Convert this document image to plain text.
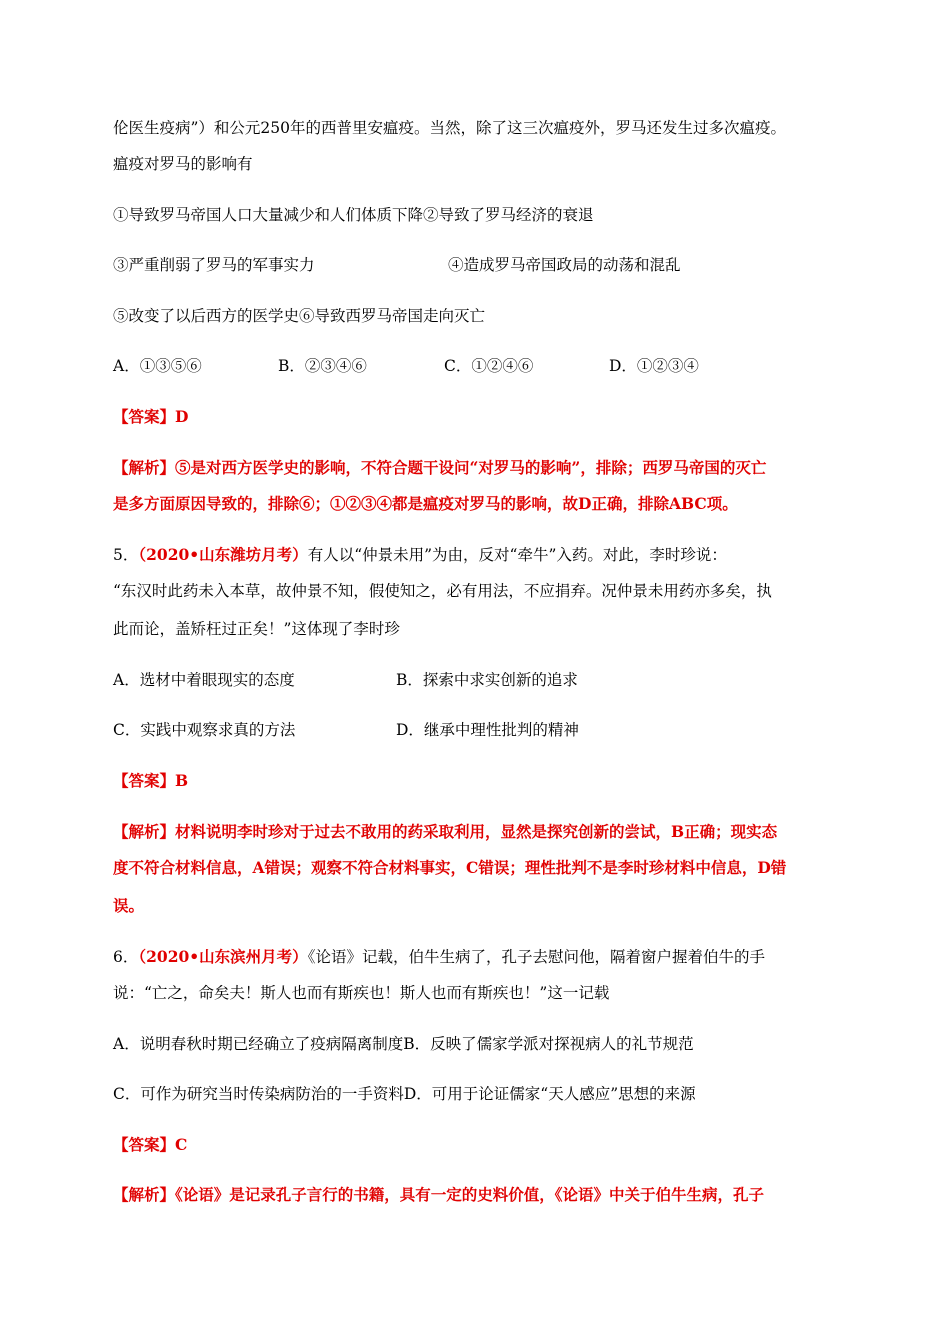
伦医生疫病”）和公元250年的西普里安瘟疫。当然，除了这三次瘟疫外，罗马还发生过多次瘟疫。
瘟疫对罗马的影响有
①导致罗马帝国人口大量减少和人们体质下降②导致了罗马经济的衰退
③严重削弱了罗马的军事实力	④造成罗马帝国政局的动荡和混乱
⑤改变了以后西方的医学史⑥导致西罗马帝国走向灭亡
A．①③⑤⑥	B．②③④⑥	C．①②④⑥	D．①②③④
【答案】D
【解析】⑤是对西方医学史的影响，不符合题干设问“对罗马的影响”，排除；西罗马帝国的灭亡
是多方面原因导致的，排除⑥；①②③④都是瘟疫对罗马的影响，故D正确，排除ABC项。
5．（2020•山东潍坊月考）有人以“仲景未用”为由，反对“牵牛”入药。对此，李时珍说：
“东汉时此药未入本草，故仲景不知，假使知之，必有用法，不应捐弃。况仲景未用药亦多矣，执
此而论，盖矫枉过正矣！”这体现了李时珍
A．选材中着眼现实的态度	B．探索中求实创新的追求
C．实践中观察求真的方法	D．继承中理性批判的精神
【答案】B
【解析】材料说明李时珍对于过去不敢用的药采取利用，显然是探究创新的尝试，B正确；现实态
度不符合材料信息，A错误；观察不符合材料事实，C错误；理性批判不是李时珍材料中信息，D错
误。
6．（2020•山东滨州月考）《论语》记载，伯牛生病了，孔子去慰问他，隔着窗户握着伯牛的手
说：“亡之，命矣夫！斯人也而有斯疾也！斯人也而有斯疾也！”这一记载
A．说明春秋时期已经确立了疫病隔离制度B．反映了儒家学派对探视病人的礼节规范
C．可作为研究当时传染病防治的一手资料D．可用于论证儒家“天人感应”思想的来源
【答案】C
【解析】《论语》是记录孔子言行的书籍，具有一定的史料价值，《论语》中关于伯牛生病，孔子
